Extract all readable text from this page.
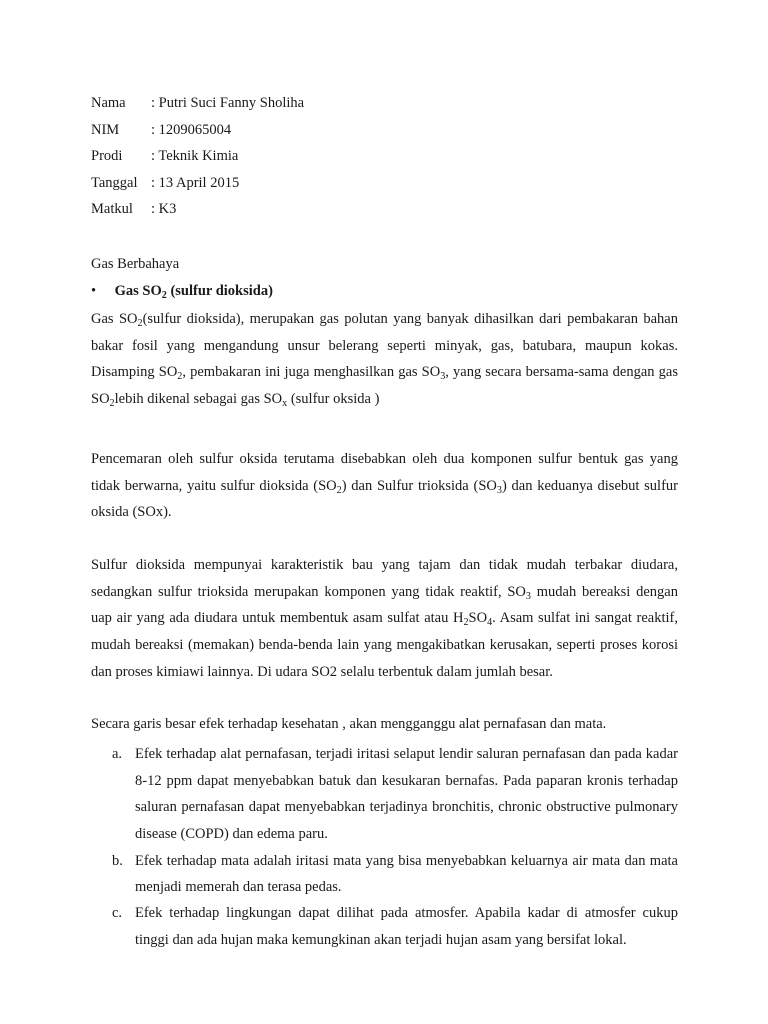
Nama	: Putri Suci Fanny Sholiha
NIM	: 1209065004
Prodi	: Teknik Kimia
Tanggal : 13 April 2015
Matkul	: K3
Gas Berbahaya
• Gas $SO_2$ (sulfur dioksida)

Gas $SO_2(sulfur$ dioksida), merupakan gas polutan yang banyak dihasilkan dari pembakaran bahan bakar fosil yang mengandung unsur belerang seperti minyak, gas, batubara, maupun kokas. Disamping $SO_2$, pembakaran ini juga menghasilkan gas $SO_3$, yang secara bersama-sama dengan gas $SO_2lebih$ dikenal sebagai gas $SO_x$ (sulfur oksida )

Pencemaran oleh sulfur oksida terutama disebabkan oleh dua komponen sulfur bentuk gas yang tidak berwarna, yaitu sulfur dioksida $(SO_2)$ dan Sulfur trioksida $(SO_3)$ dan keduanya disebut sulfur oksida (SOx).

Sulfur dioksida mempunyai karakteristik bau yang tajam dan tidak mudah terbakar diudara, sedangkan sulfur trioksida merupakan komponen yang tidak reaktif, $SO_3$ mudah bereaksi dengan uap air yang ada diudara untuk membentuk asam sulfat atau $H_2SO_4$. Asam sulfat ini sangat reaktif, mudah bereaksi (memakan) benda-benda lain yang mengakibatkan kerusakan, seperti proses korosi dan proses kimiawi lainnya. Di udara SO2 selalu terbentuk dalam jumlah besar.

Secara garis besar efek terhadap kesehatan , akan mengganggu alat pernafasan dan mata.

a. Efek terhadap alat pernafasan, terjadi iritasi selaput lendir saluran pernafasan dan pada kadar 8-12 ppm dapat menyebabkan batuk dan kesukaran bernafas. Pada paparan kronis terhadap saluran pernafasan dapat menyebabkan terjadinya bronchitis, chronic obstructive pulmonary disease (COPD) dan edema paru.
b. Efek terhadap mata adalah iritasi mata yang bisa menyebabkan keluarnya air mata dan mata menjadi memerah dan terasa pedas.
c. Efek terhadap lingkungan dapat dilihat pada atmosfer. Apabila kadar di atmosfer cukup tinggi dan ada hujan maka kemungkinan akan terjadi hujan asam yang bersifat lokal.
